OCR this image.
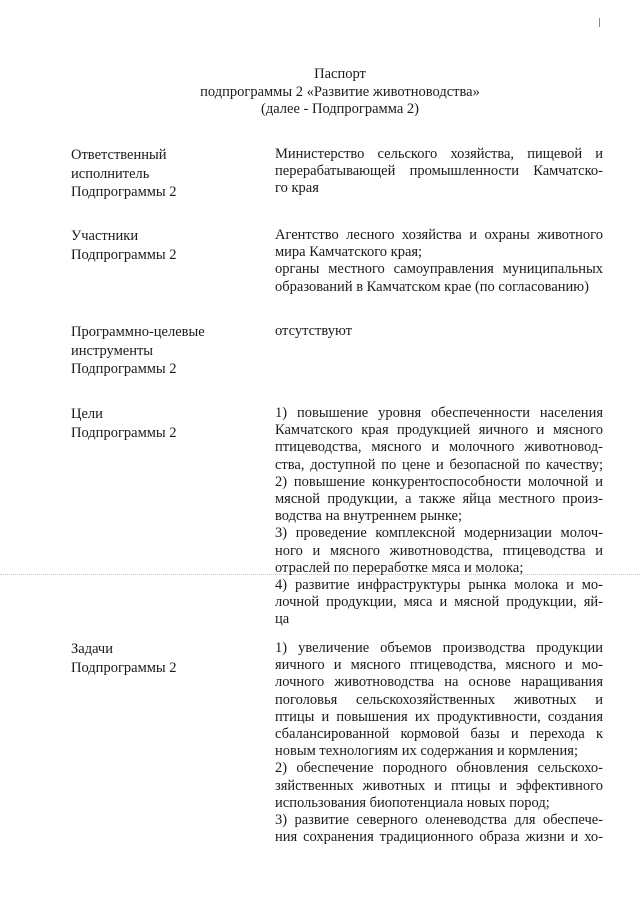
Паспорт
подпрограммы 2 «Развитие животноводства»
(далее - Подпрограмма 2)
Ответственный
исполнитель
Подпрограммы 2
Министерство сельского хозяйства, пищевой и
перерабатывающей промышленности Камчатско-
го края
Участники
Подпрограммы 2
Агентство лесного хозяйства и охраны животного
мира Камчатского края;
органы местного самоуправления муниципальных
образований в Камчатском крае (по согласованию)
Программно-целевые
инструменты
Подпрограммы 2
отсутствуют
Цели
Подпрограммы 2
1) повышение уровня обеспеченности населения
Камчатского края продукцией яичного и мясного
птицеводства, мясного и молочного животновод-
ства, доступной по цене и безопасной по качеству;
2) повышение конкурентоспособности молочной и
мясной продукции, а также яйца местного произ-
водства на внутреннем рынке;
3) проведение комплексной модернизации молоч-
ного и мясного животноводства, птицеводства и
отраслей по переработке мяса и молока;
4) развитие инфраструктуры рынка молока и мо-
лочной продукции, мяса и мясной продукции, яй-
ца
Задачи
Подпрограммы 2
1) увеличение объемов производства продукции
яичного и мясного птицеводства, мясного и мо-
лочного животноводства на основе наращивания
поголовья сельскохозяйственных животных и
птицы и повышения их продуктивности, создания
сбалансированной кормовой базы и перехода к
новым технологиям их содержания и кормления;
2) обеспечение породного обновления сельскохо-
зяйственных животных и птицы и эффективного
использования биопотенциала новых пород;
3) развитие северного оленеводства для обеспече-
ния сохранения традиционного образа жизни и хо-
